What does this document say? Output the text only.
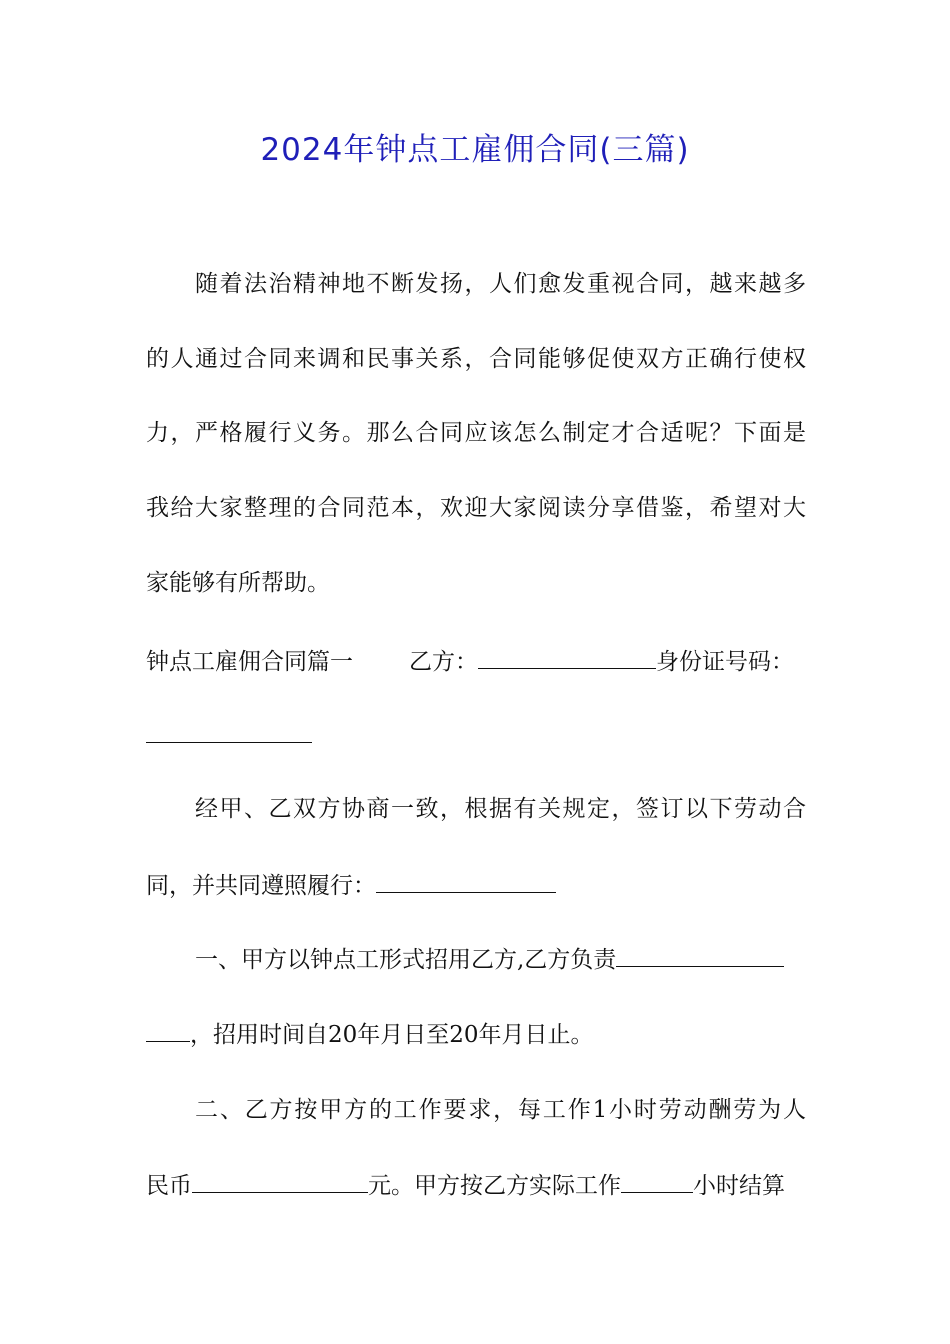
2024年钟点工雇佣合同(三篇)

随着法治精神地不断发扬，人们愈发重视合同，越来越多

的人通过合同来调和民事关系，合同能够促使双方正确行使权

力，严格履行义务。那么合同应该怎么制定才合适呢？下面是

我给大家整理的合同范本，欢迎大家阅读分享借鉴，希望对大

家能够有所帮助。

钟点工雇佣合同篇一 乙方：	身份证号码：

经甲、乙双方协商一致，根据有关规定，签订以下劳动合

同，并共同遵照履行：

一、甲方以钟点工形式招用乙方,乙方负责

，招用时间自20年月日至20年月日止。

二、乙方按甲方的工作要求，每工作1小时劳动酬劳为人

民币	元。甲方按乙方实际工作	小时结算
